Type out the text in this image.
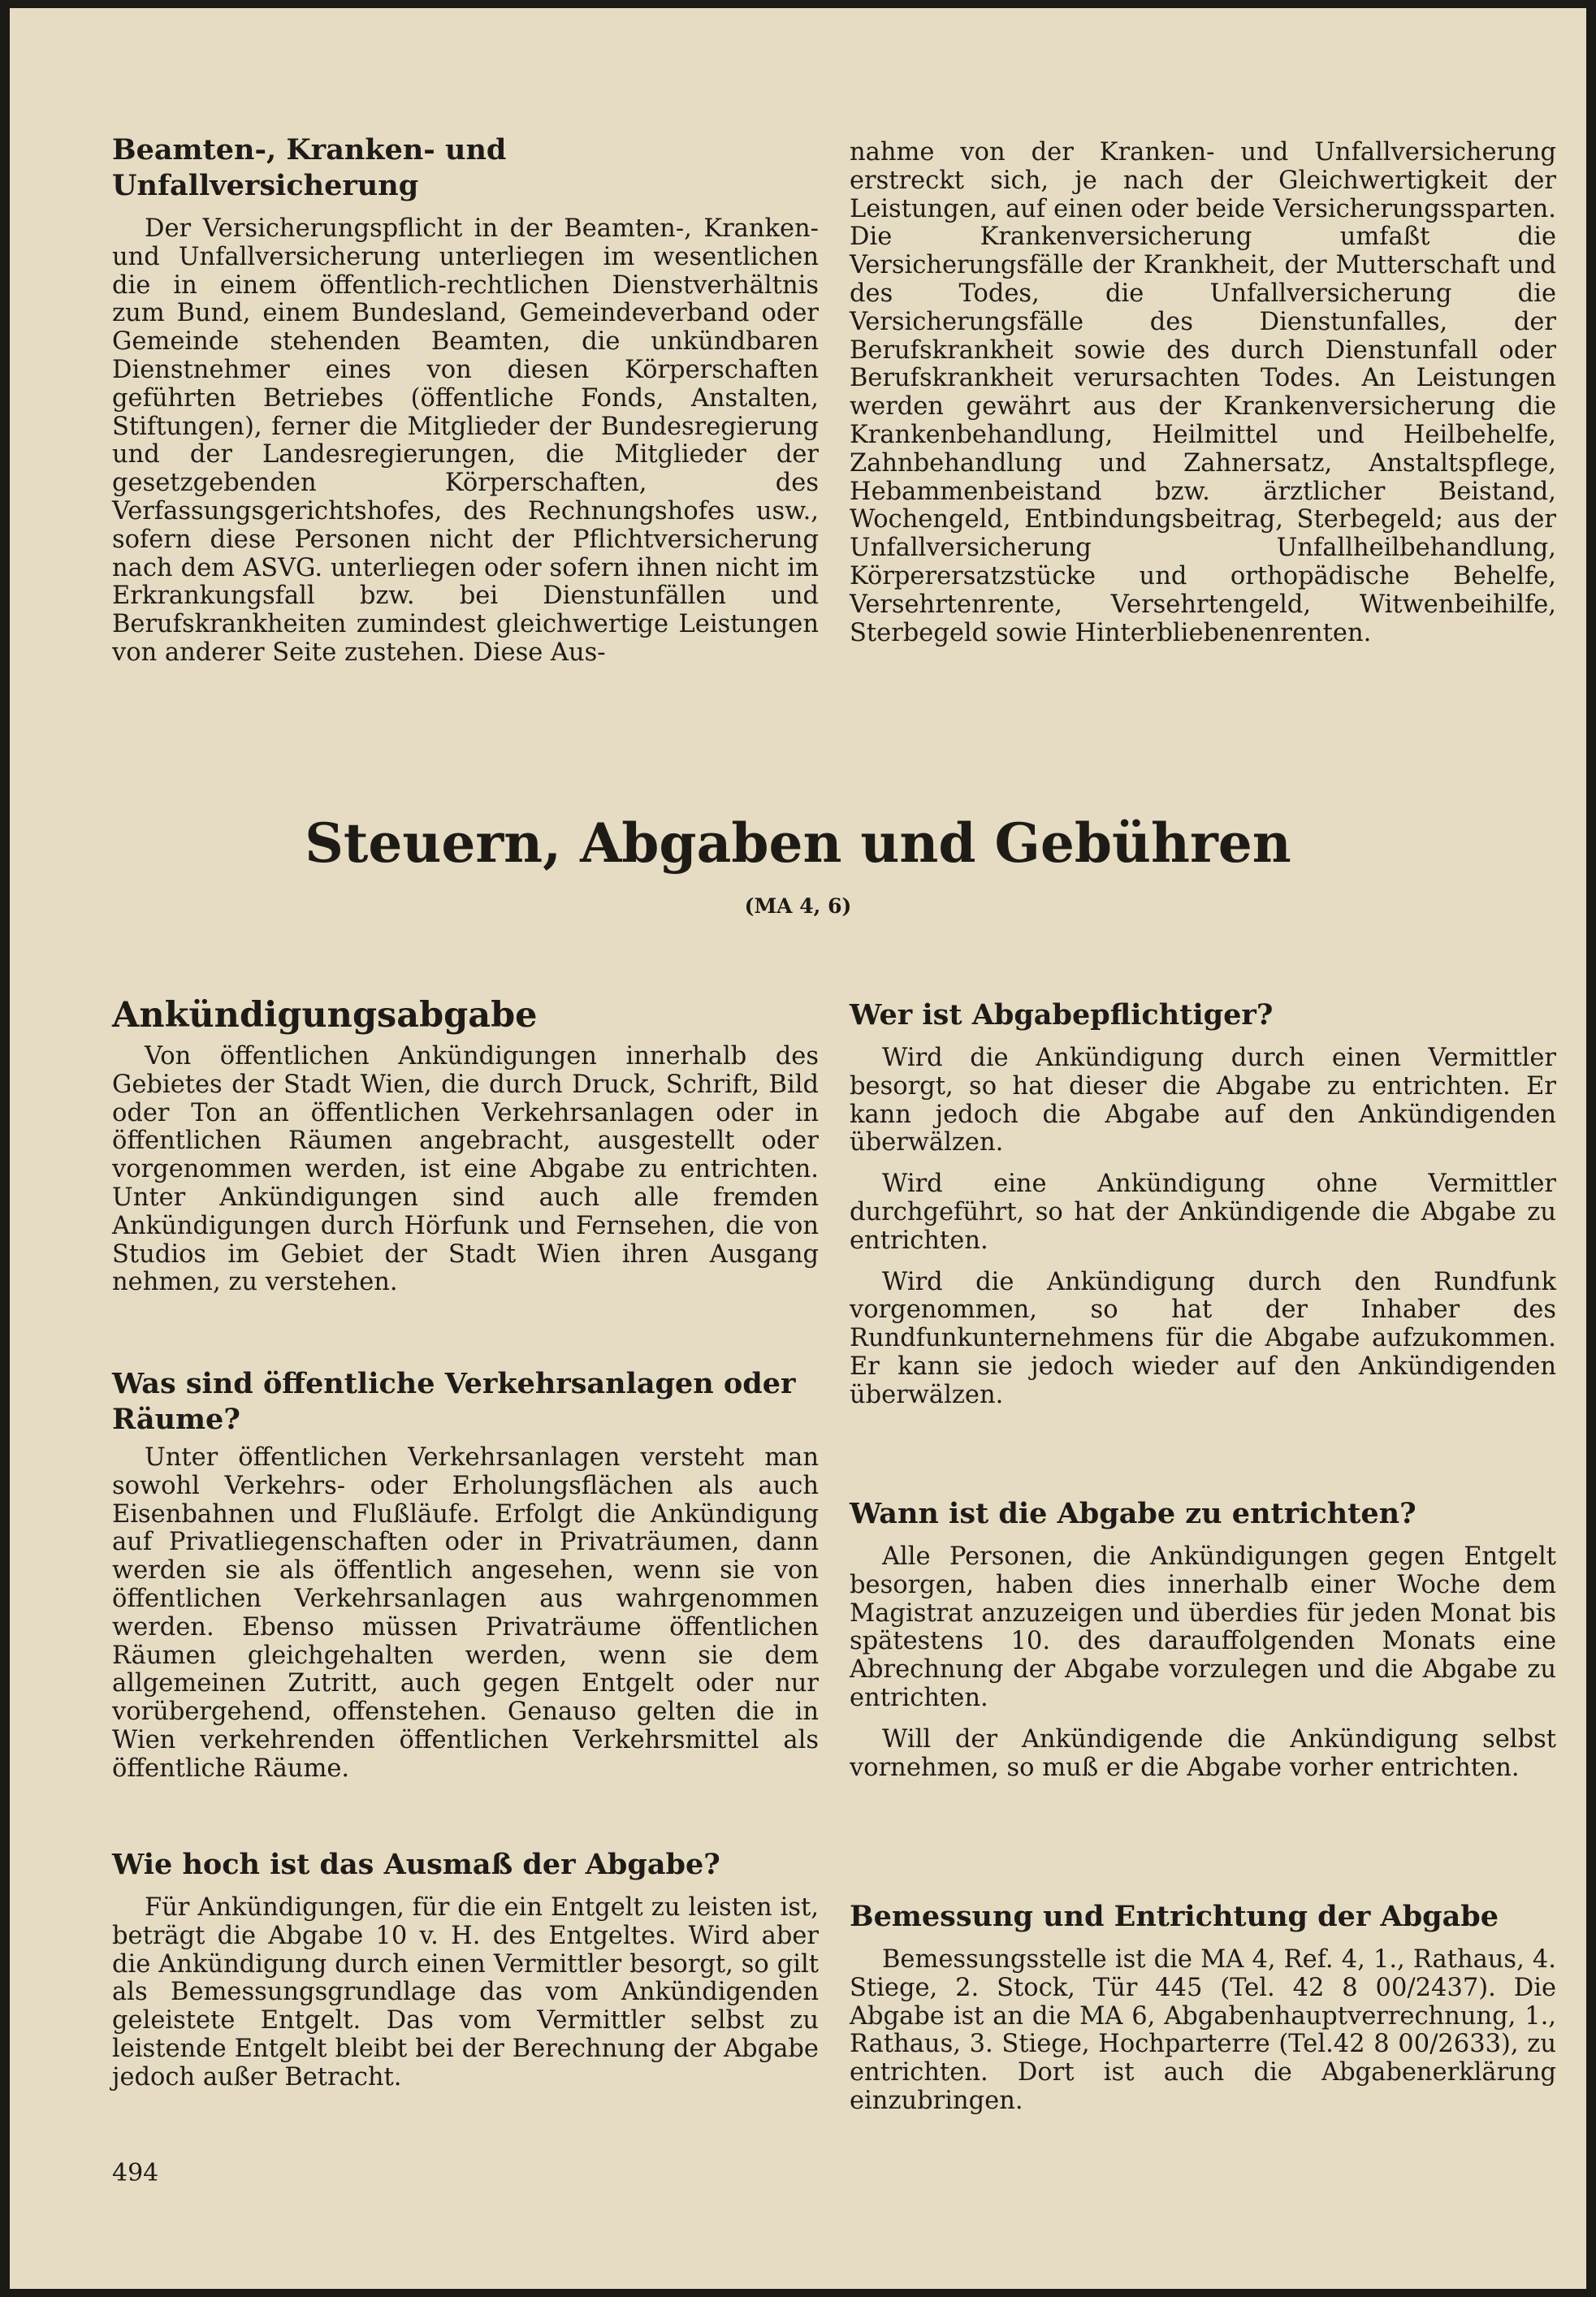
Beamten-, Kranken- und Unfallversicherung

Der Versicherungspflicht in der Beamten-, Kranken- und Unfallversicherung unterliegen im wesentlichen die in einem öffentlich-rechtlichen Dienstverhältnis zum Bund, einem Bundesland, Gemeindeverband oder Gemeinde stehenden Beamten, die unkündbaren Dienstnehmer eines von diesen Körperschaften geführten Betriebes (öffentliche Fonds, Anstalten, Stiftungen), ferner die Mitglieder der Bundesregierung und der Landesregierungen, die Mitglieder der gesetzgebenden Körperschaften, des Verfassungsgerichtshofes, des Rechnungshofes usw., sofern diese Personen nicht der Pflichtversicherung nach dem ASVG. unterliegen oder sofern ihnen nicht im Erkrankungsfall bzw. bei Dienstunfällen und Berufskrankheiten zumindest gleichwertige Leistungen von anderer Seite zustehen. Diese Aus-

nahme von der Kranken- und Unfallversicherung erstreckt sich, je nach der Gleichwertigkeit der Leistungen, auf einen oder beide Versicherungssparten. Die Krankenversicherung umfaßt die Versicherungsfälle der Krankheit, der Mutterschaft und des Todes, die Unfallversicherung die Versicherungsfälle des Dienstunfalles, der Berufskrankheit sowie des durch Dienstunfall oder Berufskrankheit verursachten Todes. An Leistungen werden gewährt aus der Krankenversicherung die Krankenbehandlung, Heilmittel und Heilbehelfe, Zahnbehandlung und Zahnersatz, Anstaltspflege, Hebammenbeistand bzw. ärztlicher Beistand, Wochengeld, Entbindungsbeitrag, Sterbegeld; aus der Unfallversicherung Unfallheilbehandlung, Körperersatzstücke und orthopädische Behelfe, Versehrtenrente, Versehrtengeld, Witwenbeihilfe, Sterbegeld sowie Hinterbliebenenrenten.

Steuern, Abgaben und Gebühren
(MA 4, 6)
Ankündigungsabgabe

Von öffentlichen Ankündigungen innerhalb des Gebietes der Stadt Wien, die durch Druck, Schrift, Bild oder Ton an öffentlichen Verkehrsanlagen oder in öffentlichen Räumen angebracht, ausgestellt oder vorgenommen werden, ist eine Abgabe zu entrichten. Unter Ankündigungen sind auch alle fremden Ankündigungen durch Hörfunk und Fernsehen, die von Studios im Gebiet der Stadt Wien ihren Ausgang nehmen, zu verstehen.

Was sind öffentliche Verkehrsanlagen oder Räume?

Unter öffentlichen Verkehrsanlagen versteht man sowohl Verkehrs- oder Erholungsflächen als auch Eisenbahnen und Flußläufe. Erfolgt die Ankündigung auf Privatliegenschaften oder in Privaträumen, dann werden sie als öffentlich angesehen, wenn sie von öffentlichen Verkehrsanlagen aus wahrgenommen werden. Ebenso müssen Privaträume öffentlichen Räumen gleichgehalten werden, wenn sie dem allgemeinen Zutritt, auch gegen Entgelt oder nur vorübergehend, offenstehen. Genauso gelten die in Wien verkehrenden öffentlichen Verkehrsmittel als öffentliche Räume.

Wie hoch ist das Ausmaß der Abgabe?

Für Ankündigungen, für die ein Entgelt zu leisten ist, beträgt die Abgabe 10 v. H. des Entgeltes. Wird aber die Ankündigung durch einen Vermittler besorgt, so gilt als Bemessungsgrundlage das vom Ankündigenden geleistete Entgelt. Das vom Vermittler selbst zu leistende Entgelt bleibt bei der Berechnung der Abgabe jedoch außer Betracht.

Wer ist Abgabepflichtiger?

Wird die Ankündigung durch einen Vermittler besorgt, so hat dieser die Abgabe zu entrichten. Er kann jedoch die Abgabe auf den Ankündigenden überwälzen.

Wird eine Ankündigung ohne Vermittler durchgeführt, so hat der Ankündigende die Abgabe zu entrichten.

Wird die Ankündigung durch den Rundfunk vorgenommen, so hat der Inhaber des Rundfunkunternehmens für die Abgabe aufzukommen. Er kann sie jedoch wieder auf den Ankündigenden überwälzen.

Wann ist die Abgabe zu entrichten?

Alle Personen, die Ankündigungen gegen Entgelt besorgen, haben dies innerhalb einer Woche dem Magistrat anzuzeigen und überdies für jeden Monat bis spätestens 10. des darauffolgenden Monats eine Abrechnung der Abgabe vorzulegen und die Abgabe zu entrichten.

Will der Ankündigende die Ankündigung selbst vornehmen, so muß er die Abgabe vorher entrichten.

Bemessung und Entrichtung der Abgabe

Bemessungsstelle ist die MA 4, Ref. 4, 1., Rathaus, 4. Stiege, 2. Stock, Tür 445 (Tel. 42 8 00/2437). Die Abgabe ist an die MA 6, Abgabenhauptverrechnung, 1., Rathaus, 3. Stiege, Hochparterre (Tel.42 8 00/2633), zu entrichten. Dort ist auch die Abgabenerklärung einzubringen.

494
